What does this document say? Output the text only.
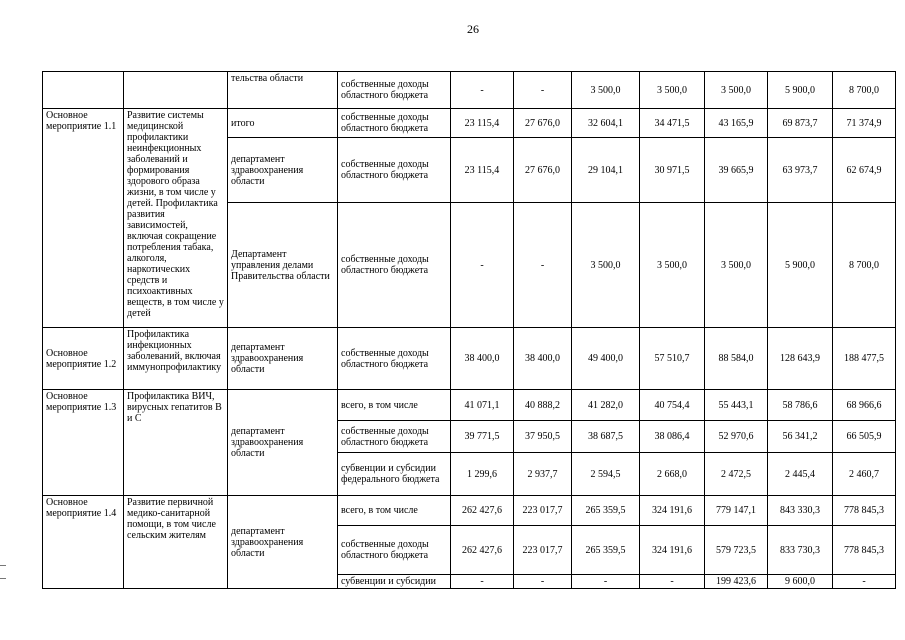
26
		тельства области	собственные доходы областного бюджета	-	-	3 500,0	3 500,0	3 500,0	5 900,0	8 700,0
Основное мероприятие 1.1	Развитие системы медицинской профилактики неинфекционных заболеваний и формирования здорового образа жизни, в том числе у детей. Профилактика развития зависимостей, включая сокращение потребления табака, алкоголя, наркотических средств и психоактивных веществ, в том числе у детей	итого	собственные доходы областного бюджета	23 115,4	27 676,0	32 604,1	34 471,5	43 165,9	69 873,7	71 374,9
		департамент здравоохранения области	собственные доходы областного бюджета	23 115,4	27 676,0	29 104,1	30 971,5	39 665,9	63 973,7	62 674,9
		Департамент управления делами Правительства области	собственные доходы областного бюджета	-	-	3 500,0	3 500,0	3 500,0	5 900,0	8 700,0
Основное мероприятие 1.2	Профилактика инфекционных заболеваний, включая иммунопрофилактику	департамент здравоохранения области	собственные доходы областного бюджета	38 400,0	38 400,0	49 400,0	57 510,7	88 584,0	128 643,9	188 477,5
Основное мероприятие 1.3	Профилактика ВИЧ, вирусных гепатитов В и С	департамент здравоохранения области	всего, в том числе	41 071,1	40 888,2	41 282,0	40 754,4	55 443,1	58 786,6	68 966,6
			собственные доходы областного бюджета	39 771,5	37 950,5	38 687,5	38 086,4	52 970,6	56 341,2	66 505,9
			субвенции и субсидии федерального бюджета	1 299,6	2 937,7	2 594,5	2 668,0	2 472,5	2 445,4	2 460,7
Основное мероприятие 1.4	Развитие первичной медико-санитарной помощи, в том числе сельским жителям	департамент здравоохранения области	всего, в том числе	262 427,6	223 017,7	265 359,5	324 191,6	779 147,1	843 330,3	778 845,3
			собственные доходы областного бюджета	262 427,6	223 017,7	265 359,5	324 191,6	579 723,5	833 730,3	778 845,3
			субвенции и субсидии	-	-	-	-	199 423,6	9 600,0	-
